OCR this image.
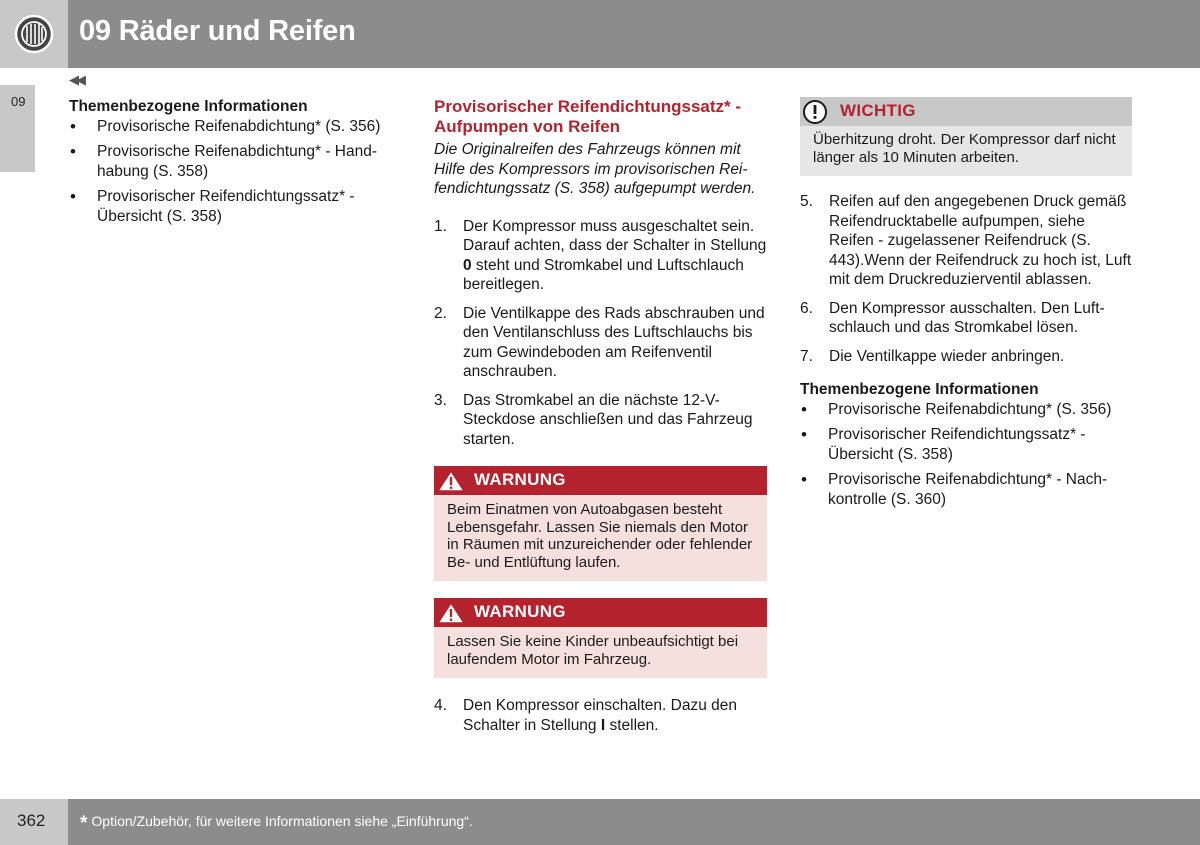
09 Räder und Reifen
09
◀◀
Themenbezogene Informationen
• Provisorische Reifenabdichtung* (S. 356)
• Provisorische Reifenabdichtung* - Handhabung (S. 358)
• Provisorischer Reifendichtungssatz* - Übersicht (S. 358)
Provisorischer Reifendichtungssatz* - Aufpumpen von Reifen

Die Originalreifen des Fahrzeugs können mit Hilfe des Kompressors im provisorischen Reifendichtungssatz (S. 358) aufgepumpt werden.

1. Der Kompressor muss ausgeschaltet sein. Darauf achten, dass der Schalter in Stellung 0 steht und Stromkabel und Luftschlauch bereitlegen.
2. Die Ventilkappe des Rads abschrauben und den Ventilanschluss des Luftschlauchs bis zum Gewindeboden am Reifenventil anschrauben.
3. Das Stromkabel an die nächste 12-V-Steckdose anschließen und das Fahrzeug starten.
WARNUNG
Beim Einatmen von Autoabgasen besteht Lebensgefahr. Lassen Sie niemals den Motor in Räumen mit unzureichender oder fehlender Be- und Entlüftung laufen.
WARNUNG
Lassen Sie keine Kinder unbeaufsichtigt bei laufendem Motor im Fahrzeug.
4. Den Kompressor einschalten. Dazu den Schalter in Stellung I stellen.
WICHTIG
Überhitzung droht. Der Kompressor darf nicht länger als 10 Minuten arbeiten.
5. Reifen auf den angegebenen Druck gemäß Reifendrucktabelle aufpumpen, siehe Reifen - zugelassener Reifendruck (S. 443).Wenn der Reifendruck zu hoch ist, Luft mit dem Druckreduzierventil ablassen.
6. Den Kompressor ausschalten. Den Luftschlauch und das Stromkabel lösen.
7. Die Ventilkappe wieder anbringen.
Themenbezogene Informationen
• Provisorische Reifenabdichtung* (S. 356)
• Provisorischer Reifendichtungssatz* - Übersicht (S. 358)
• Provisorische Reifenabdichtung* - Nachkontrolle (S. 360)
362 * Option/Zubehör, für weitere Informationen siehe „Einführung“.
